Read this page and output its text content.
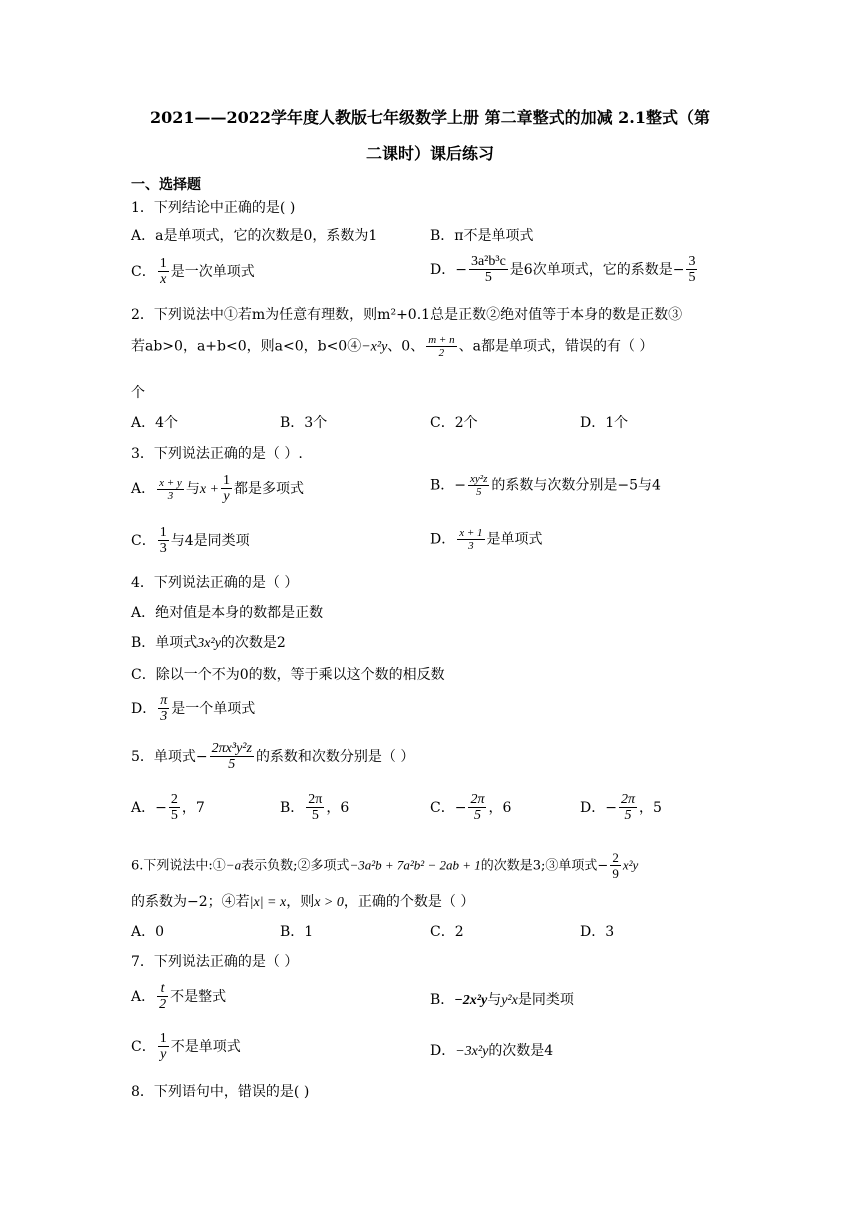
2021——2022学年度人教版七年级数学上册 第二章整式的加减 2.1整式（第
二课时）课后练习
一、选择题
1．下列结论中正确的是( )
A．a是单项式，它的次数是0，系数为1	B．π不是单项式
C． $\frac{1}{x}$ 是一次单项式	D．− $\frac{\text{3a²b³c}}{5}$ 是6次单项式，它的系数是− $\frac{3}{5}$
2．下列说法中①若m为任意有理数，则m²+0.1总是正数②绝对值等于本身的数是正数③
若ab>0，a+b<0，则a<0，b<0④−x²y、0、 $\frac{m + n}{2}$ 、a都是单项式，错误的有（ ）
个
A．4个	B．3个	C．2个	D．1个
3．下列说法正确的是（ ）.
A． $\frac{x + y}{3}$ 与$x + \frac{1}{y}$ 都是多项式	B．− $\frac{\text{xy²z}}{5}$ 的系数与次数分别是−5与4
C． $\frac{1}{3}$ 与4是同类项	D． $\frac{x + 1}{3}$ 是单项式
4．下列说法正确的是（ ）
A．绝对值是本身的数都是正数
B．单项式3x²y的次数是2
C．除以一个不为0的数，等于乘以这个数的相反数
D． $\frac{\pi}{3}$ 是一个单项式
5．单项式− $\frac{\text{2πx³y²z}}{5}$ 的系数和次数分别是（ ）
A．− $\frac{2}{5}$ ，7	B． $\frac{2\pi}{5}$ ，6	C．− $\frac{2\pi}{5}$ ，6	D．− $\frac{2\pi}{5}$ ，5
6.下列说法中:①−a表示负数;②多项式−3a²b + 7a²b² − 2ab + 1的次数是3;③单项式− $\frac{2}{9} x^2y$
的系数为−2；④若|x| = x，则x > 0，正确的个数是（ ）
A．0	B．1	C．2	D．3
7．下列说法正确的是（ ）
A． $\frac{t}{2}$ 不是整式	B．−2x²y与y²x是同类项
C． $\frac{1}{y}$ 不是单项式	D．−3x²y的次数是4
8．下列语句中，错误的是( )
